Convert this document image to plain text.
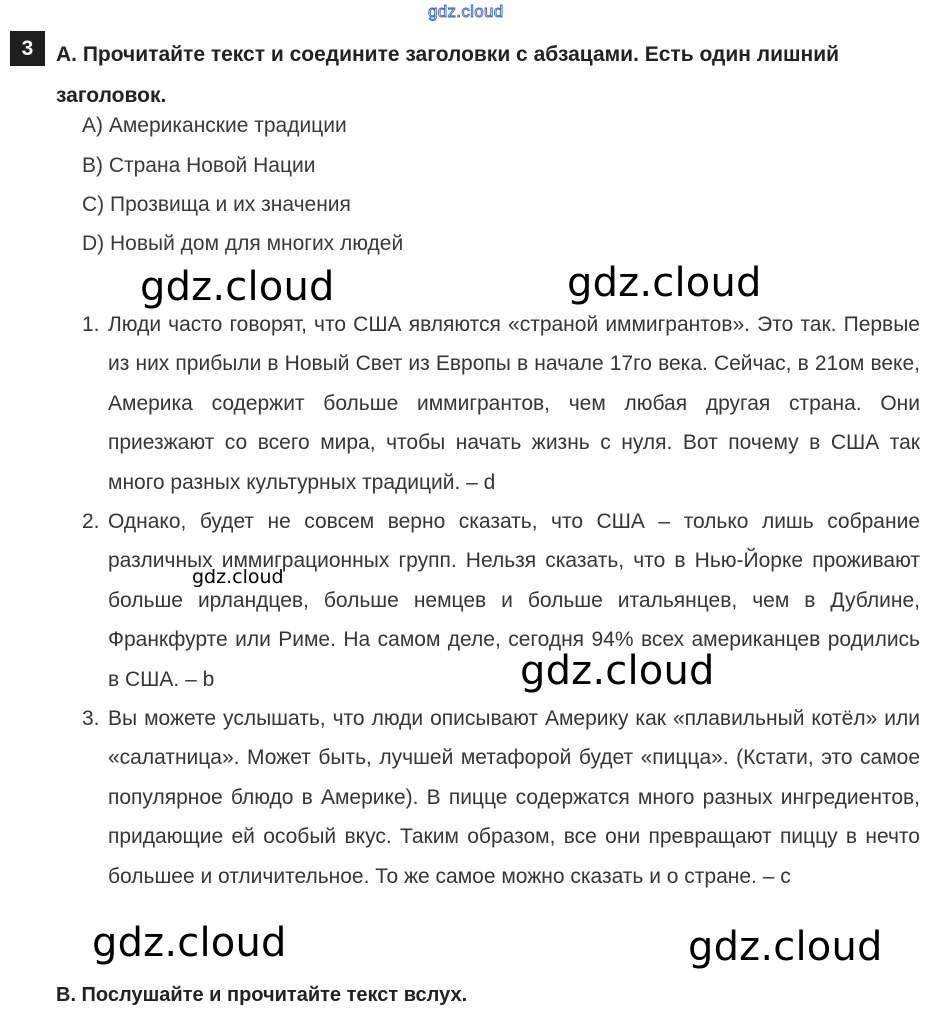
gdz.cloud
3	A. Прочитайте текст и соедините заголовки с абзацами. Есть один лишний заголовок.
A) Американские традиции
B) Страна Новой Нации
C) Прозвища и их значения
D) Новый дом для многих людей
gdz.cloud	gdz.cloud
1. Люди часто говорят, что США являются «страной иммигрантов». Это так. Первые из них прибыли в Новый Свет из Европы в начале 17го века. Сейчас, в 21ом веке, Америка содержит больше иммигрантов, чем любая другая страна. Они приезжают со всего мира, чтобы начать жизнь с нуля. Вот почему в США так много разных культурных традиций. – d
2. Однако, будет не совсем верно сказать, что США – только лишь собрание различных иммиграционных групп. Нельзя сказать, что в Нью-Йорке проживают больше ирландцев, больше немцев и больше итальянцев, чем в Дублине, Франкфурте или Риме. На самом деле, сегодня 94% всех американцев родились в США. – b
gdz.cloud
gdz.cloud
3. Вы можете услышать, что люди описывают Америку как «плавильный котёл» или «салатница». Может быть, лучшей метафорой будет «пицца». (Кстати, это самое популярное блюдо в Америке). В пицце содержатся много разных ингредиентов, придающие ей особый вкус. Таким образом, все они превращают пиццу в нечто большее и отличительное. То же самое можно сказать и о стране. – c
gdz.cloud	gdz.cloud
B. Послушайте и прочитайте текст вслух.
